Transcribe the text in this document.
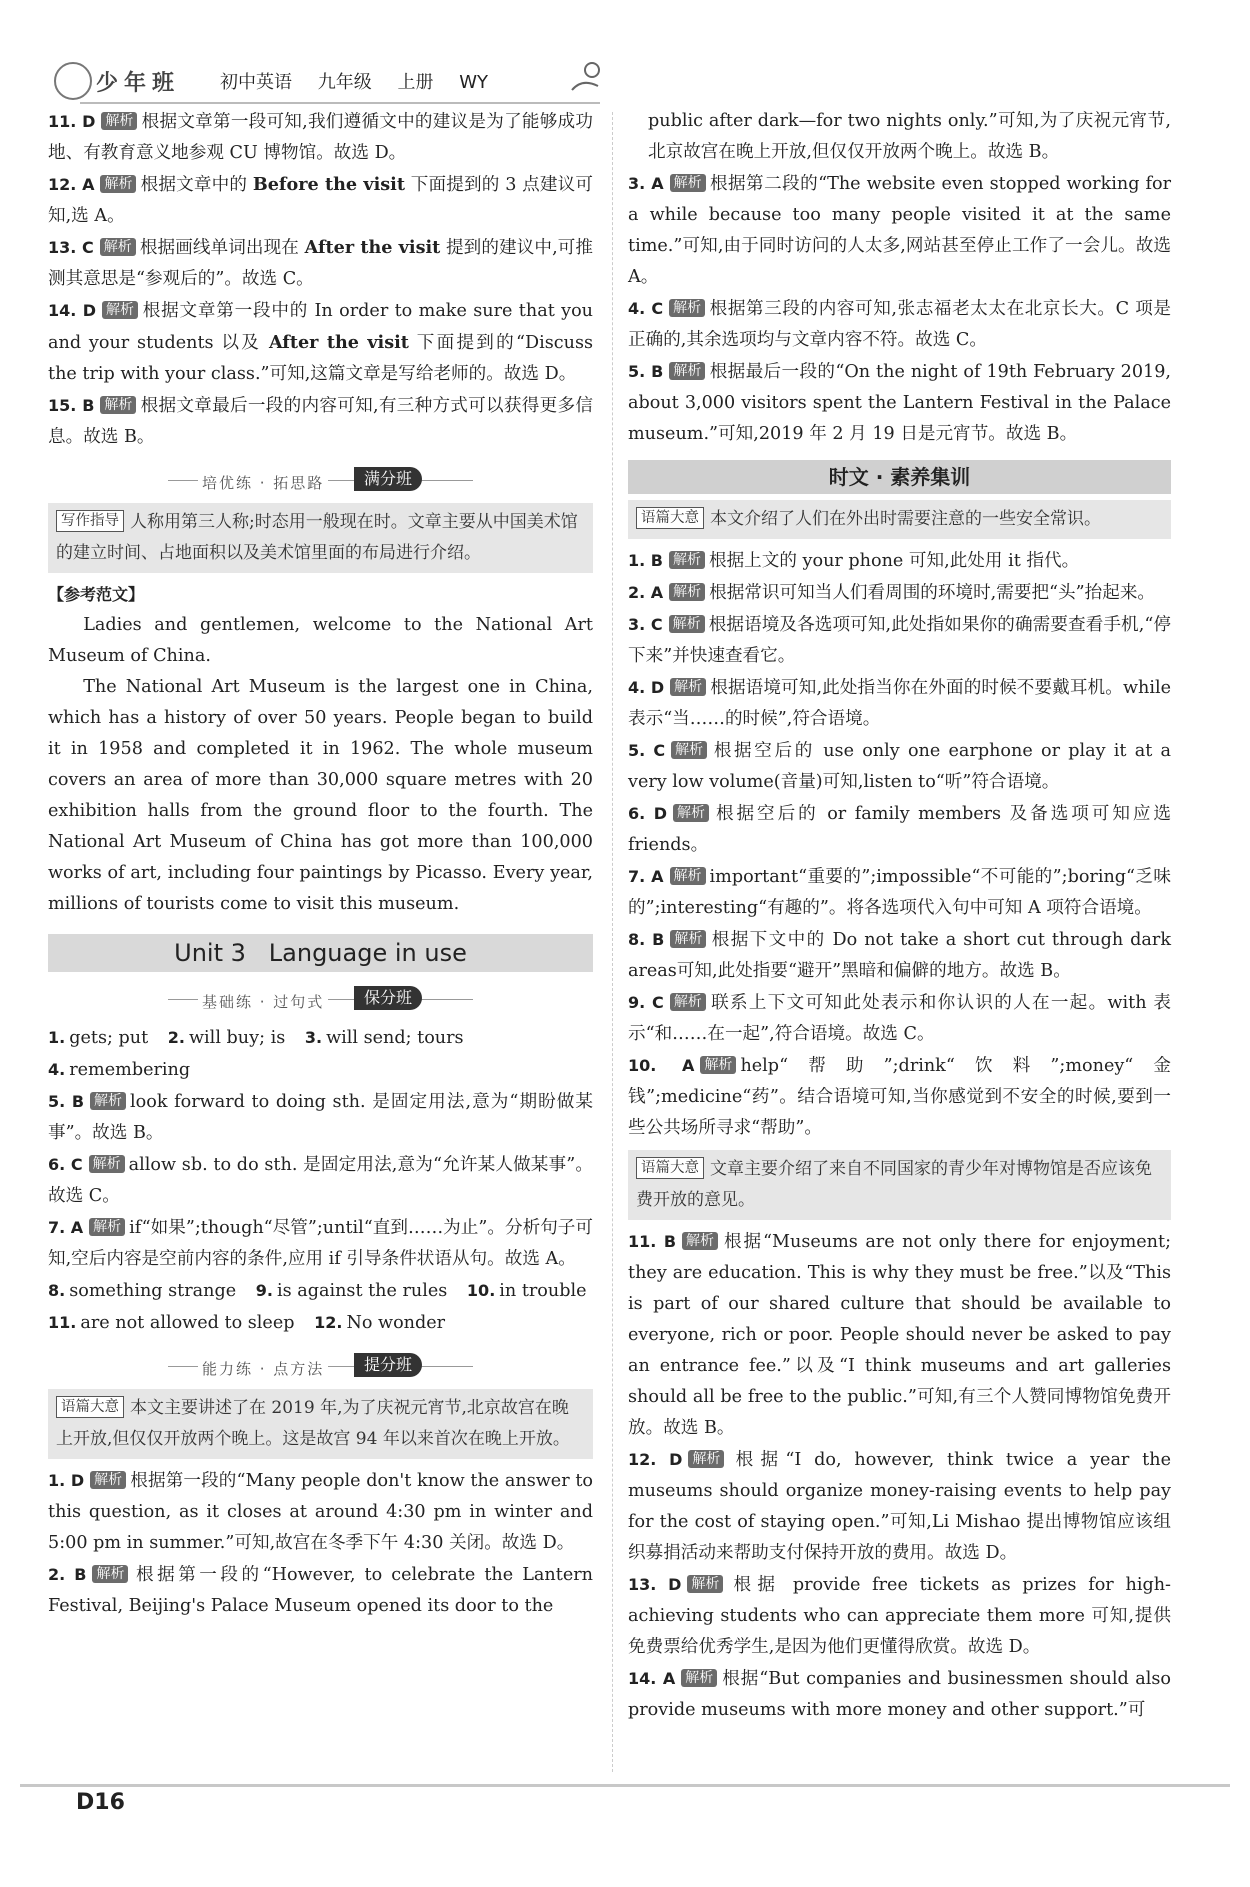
少年班 初中英语 九年级 上册 WY

11. D 解析 根据文章第一段可知,我们遵循文中的建议是为了能够成功地、有教育意义地参观 CU 博物馆。故选 D。

12. A 解析 根据文章中的 Before the visit 下面提到的 3 点建议可知,选 A。

13. C 解析 根据画线单词出现在 After the visit 提到的建议中,可推测其意思是“参观后的”。故选 C。

14. D 解析 根据文章第一段中的 In order to make sure that you and your students 以及 After the visit 下面提到的“Discuss the trip with your class.”可知,这篇文章是写给老师的。故选 D。

15. B 解析 根据文章最后一段的内容可知,有三种方式可以获得更多信息。故选 B。

培优练 · 拓思路	满分班
写作指导 人称用第三人称;时态用一般现在时。文章主要从中国美术馆的建立时间、占地面积以及美术馆里面的布局进行介绍。
【参考范文】

Ladies and gentlemen, welcome to the National Art Museum of China.

The National Art Museum is the largest one in China, which has a history of over 50 years. People began to build it in 1958 and completed it in 1962. The whole museum covers an area of more than 30,000 square metres with 20 exhibition halls from the ground floor to the fourth. The National Art Museum of China has got more than 100,000 works of art, including four paintings by Picasso. Every year, millions of tourists come to visit this museum.

Unit 3   Language in use
基础练 · 过句式	保分班
1. gets; put 2. will buy; is 3. will send; tours
4. remembering

5. B 解析 look forward to doing sth. 是固定用法,意为“期盼做某事”。故选 B。

6. C 解析 allow sb. to do sth. 是固定用法,意为“允许某人做某事”。故选 C。

7. A 解析 if“如果”;though“尽管”;until“直到……为止”。分析句子可知,空后内容是空前内容的条件,应用 if 引导条件状语从句。故选 A。

8. something strange 9. is against the rules 10. in trouble
11. are not allowed to sleep 12. No wonder
能力练 · 点方法	提分班
语篇大意 本文主要讲述了在 2019 年,为了庆祝元宵节,北京故宫在晚上开放,但仅仅开放两个晚上。这是故宫 94 年以来首次在晚上开放。

1. D 解析 根据第一段的“Many people don't know the answer to this question, as it closes at around 4:30 pm in winter and 5:00 pm in summer.”可知,故宫在冬季下午 4:30 关闭。故选 D。

2. B 解析 根据第一段的“However, to celebrate the Lantern Festival, Beijing's Palace Museum opened its door to the

public after dark—for two nights only.”可知,为了庆祝元宵节,北京故宫在晚上开放,但仅仅开放两个晚上。故选 B。

3. A 解析 根据第二段的“The website even stopped working for a while because too many people visited it at the same time.”可知,由于同时访问的人太多,网站甚至停止工作了一会儿。故选 A。

4. C 解析 根据第三段的内容可知,张志福老太太在北京长大。C 项是正确的,其余选项均与文章内容不符。故选 C。

5. B 解析 根据最后一段的“On the night of 19th February 2019, about 3,000 visitors spent the Lantern Festival in the Palace museum.”可知,2019 年 2 月 19 日是元宵节。故选 B。

时文 · 素养集训
语篇大意 本文介绍了人们在外出时需要注意的一些安全常识。

1. B 解析 根据上文的 your phone 可知,此处用 it 指代。

2. A 解析 根据常识可知当人们看周围的环境时,需要把“头”抬起来。

3. C 解析 根据语境及各选项可知,此处指如果你的确需要查看手机,“停下来”并快速查看它。

4. D 解析 根据语境可知,此处指当你在外面的时候不要戴耳机。while 表示“当……的时候”,符合语境。

5. C 解析 根据空后的 use only one earphone or play it at a very low volume(音量)可知,listen to“听”符合语境。

6. D 解析 根据空后的 or family members 及备选项可知应选 friends。

7. A 解析 important“重要的”;impossible“不可能的”;boring“乏味的”;interesting“有趣的”。将各选项代入句中可知 A 项符合语境。

8. B 解析 根据下文中的 Do not take a short cut through dark areas可知,此处指要“避开”黑暗和偏僻的地方。故选 B。

9. C 解析 联系上下文可知此处表示和你认识的人在一起。with 表示“和……在一起”,符合语境。故选 C。

10. A 解析 help“帮助”;drink“饮料”;money“金钱”;medicine“药”。结合语境可知,当你感觉到不安全的时候,要到一些公共场所寻求“帮助”。

语篇大意 文章主要介绍了来自不同国家的青少年对博物馆是否应该免费开放的意见。

11. B 解析 根据“Museums are not only there for enjoyment; they are education. This is why they must be free.”以及“This is part of our shared culture that should be available to everyone, rich or poor. People should never be asked to pay an entrance fee.”以及“I think museums and art galleries should all be free to the public.”可知,有三个人赞同博物馆免费开放。故选 B。

12. D 解析 根据“I do, however, think twice a year the museums should organize money-raising events to help pay for the cost of staying open.”可知,Li Mishao 提出博物馆应该组织募捐活动来帮助支付保持开放的费用。故选 D。

13. D 解析 根据 provide free tickets as prizes for high-achieving students who can appreciate them more 可知,提供免费票给优秀学生,是因为他们更懂得欣赏。故选 D。

14. A 解析 根据“But companies and businessmen should also provide museums with more money and other support.”可

D16
